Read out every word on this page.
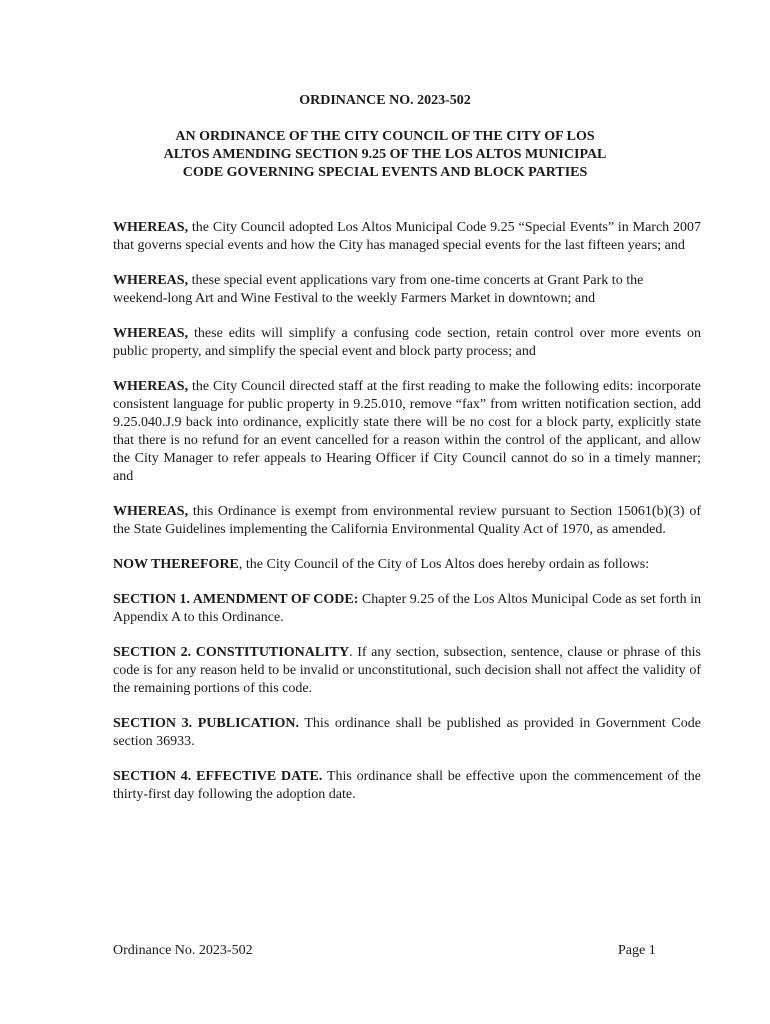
ORDINANCE NO. 2023-502
AN ORDINANCE OF THE CITY COUNCIL OF THE CITY OF LOS ALTOS AMENDING SECTION 9.25 OF THE LOS ALTOS MUNICIPAL CODE GOVERNING SPECIAL EVENTS AND BLOCK PARTIES

WHEREAS, the City Council adopted Los Altos Municipal Code 9.25 “Special Events” in March 2007 that governs special events and how the City has managed special events for the last fifteen years; and

WHEREAS, these special event applications vary from one-time concerts at Grant Park to the weekend-long Art and Wine Festival to the weekly Farmers Market in downtown; and

WHEREAS, these edits will simplify a confusing code section, retain control over more events on public property, and simplify the special event and block party process; and

WHEREAS, the City Council directed staff at the first reading to make the following edits: incorporate consistent language for public property in 9.25.010, remove “fax” from written notification section, add 9.25.040.J.9 back into ordinance, explicitly state there will be no cost for a block party, explicitly state that there is no refund for an event cancelled for a reason within the control of the applicant, and allow the City Manager to refer appeals to Hearing Officer if City Council cannot do so in a timely manner; and

WHEREAS, this Ordinance is exempt from environmental review pursuant to Section 15061(b)(3) of the State Guidelines implementing the California Environmental Quality Act of 1970, as amended.

NOW THEREFORE, the City Council of the City of Los Altos does hereby ordain as follows:

SECTION 1. AMENDMENT OF CODE: Chapter 9.25 of the Los Altos Municipal Code as set forth in Appendix A to this Ordinance.

SECTION 2. CONSTITUTIONALITY. If any section, subsection, sentence, clause or phrase of this code is for any reason held to be invalid or unconstitutional, such decision shall not affect the validity of the remaining portions of this code.

SECTION 3. PUBLICATION. This ordinance shall be published as provided in Government Code section 36933.

SECTION 4. EFFECTIVE DATE. This ordinance shall be effective upon the commencement of the thirty-first day following the adoption date.

Ordinance No. 2023-502	Page 1
